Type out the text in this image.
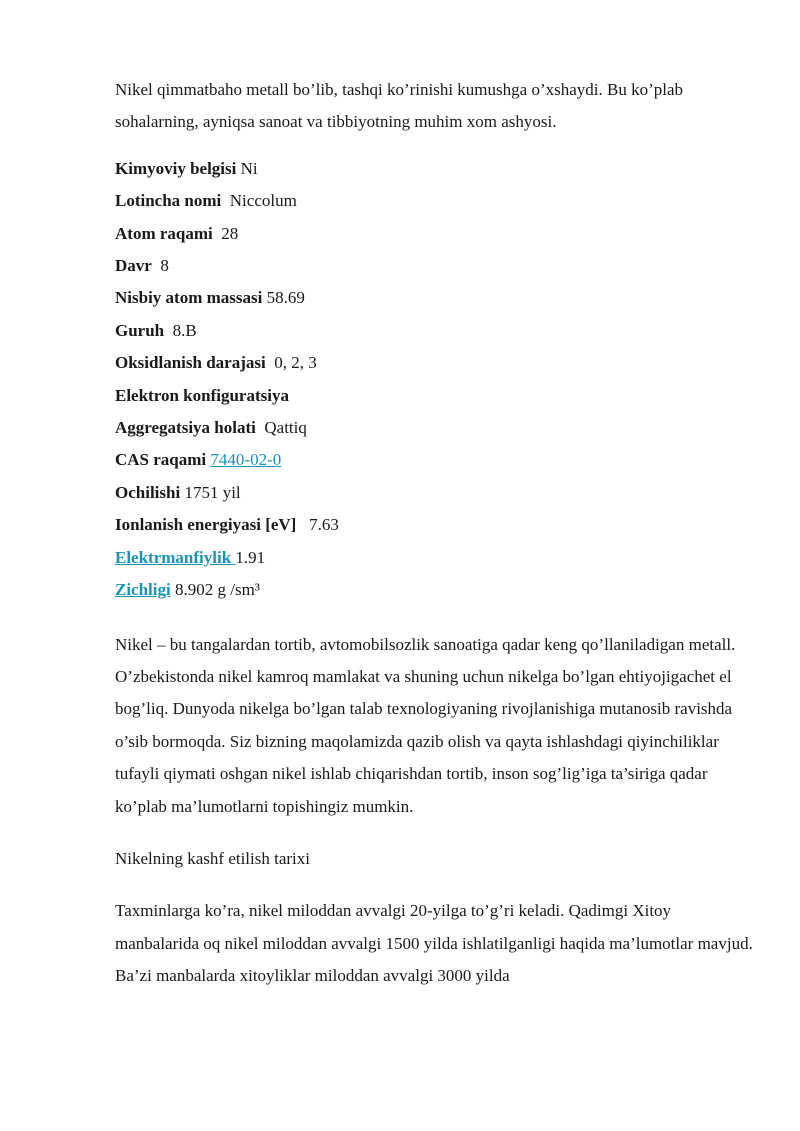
Nikel qimmatbaho metall bo’lib, tashqi ko’rinishi kumushga o’xshaydi. Bu ko’plab sohalarning, ayniqsa sanoat va tibbiyotning muhim xom ashyosi.

Kimyoviy belgisi Ni
Lotincha nomi  Niccolum
Atom raqami  28
Davr  8
Nisbiy atom massasi 58.69
Guruh  8.B
Oksidlanish darajasi  0, 2, 3
Elektron konfiguratsiya
Aggregatsiya holati  Qattiq
CAS raqami 7440-02-0
Ochilishi 1751 yil
Ionlanish energiyasi [eV]   7.63
Elektrmanfiylik 1.91
Zichligi 8.902 g /sm³

Nikel – bu tangalardan tortib, avtomobilsozlik sanoatiga qadar keng qo’llaniladigan metall. O’zbekistonda nikel kamroq mamlakat va shuning uchun nikelga bo’lgan ehtiyojigachet el bog’liq. Dunyoda nikelga bo’lgan talab texnologiyaning rivojlanishiga mutanosib ravishda o’sib bormoqda. Siz bizning maqolamizda qazib olish va qayta ishlashdagi qiyinchiliklar tufayli qiymati oshgan nikel ishlab chiqarishdan tortib, inson sog’lig’iga ta’siriga qadar ko’plab ma’lumotlarni topishingiz mumkin.

Nikelning kashf etilish tarixi

Taxminlarga ko’ra, nikel miloddan avvalgi 20-yilga to’g’ri keladi. Qadimgi Xitoy manbalarida oq nikel miloddan avvalgi 1500 yilda ishlatilganligi haqida ma’lumotlar mavjud. Ba’zi manbalarda xitoyliklar miloddan avvalgi 3000 yilda
